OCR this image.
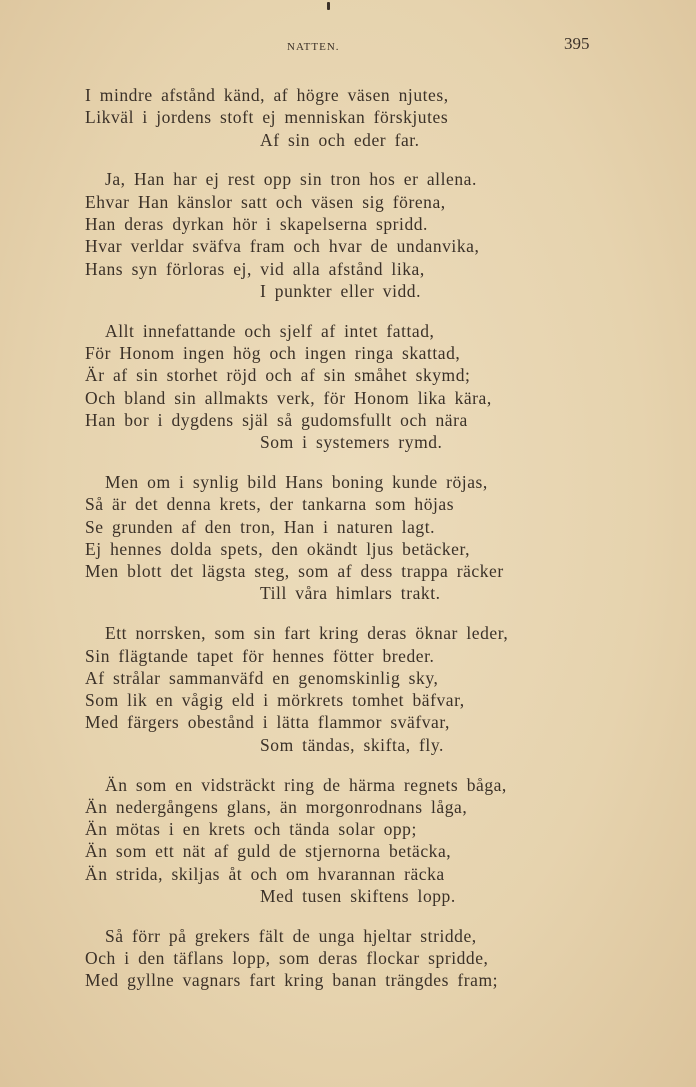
NATTEN.	395
I mindre afstånd känd, af högre väsen njutes,
Likväl i jordens stoft ej menniskan förskjutes
Af sin och eder far.
Ja, Han har ej rest opp sin tron hos er allena.
Ehvar Han känslor satt och väsen sig förena,
Han deras dyrkan hör i skapelserna spridd.
Hvar verldar sväfva fram och hvar de undanvika,
Hans syn förloras ej, vid alla afstånd lika,
I punkter eller vidd.
Allt innefattande och sjelf af intet fattad,
För Honom ingen hög och ingen ringa skattad,
Är af sin storhet röjd och af sin småhet skymd;
Och bland sin allmakts verk, för Honom lika kära,
Han bor i dygdens själ så gudomsfullt och nära
Som i systemers rymd.
Men om i synlig bild Hans boning kunde röjas,
Så är det denna krets, der tankarna som höjas
Se grunden af den tron, Han i naturen lagt.
Ej hennes dolda spets, den okändt ljus betäcker,
Men blott det lägsta steg, som af dess trappa räcker
Till våra himlars trakt.
Ett norrsken, som sin fart kring deras öknar leder,
Sin flägtande tapet för hennes fötter breder.
Af strålar sammanväfd en genomskinlig sky,
Som lik en vågig eld i mörkrets tomhet bäfvar,
Med färgers obestånd i lätta flammor sväfvar,
Som tändas, skifta, fly.
Än som en vidsträckt ring de härma regnets båga,
Än nedergångens glans, än morgonrodnans låga,
Än mötas i en krets och tända solar opp;
Än som ett nät af guld de stjernorna betäcka,
Än strida, skiljas åt och om hvarannan räcka
Med tusen skiftens lopp.
Så förr på grekers fält de unga hjeltar stridde,
Och i den täflans lopp, som deras flockar spridde,
Med gyllne vagnars fart kring banan trängdes fram;
